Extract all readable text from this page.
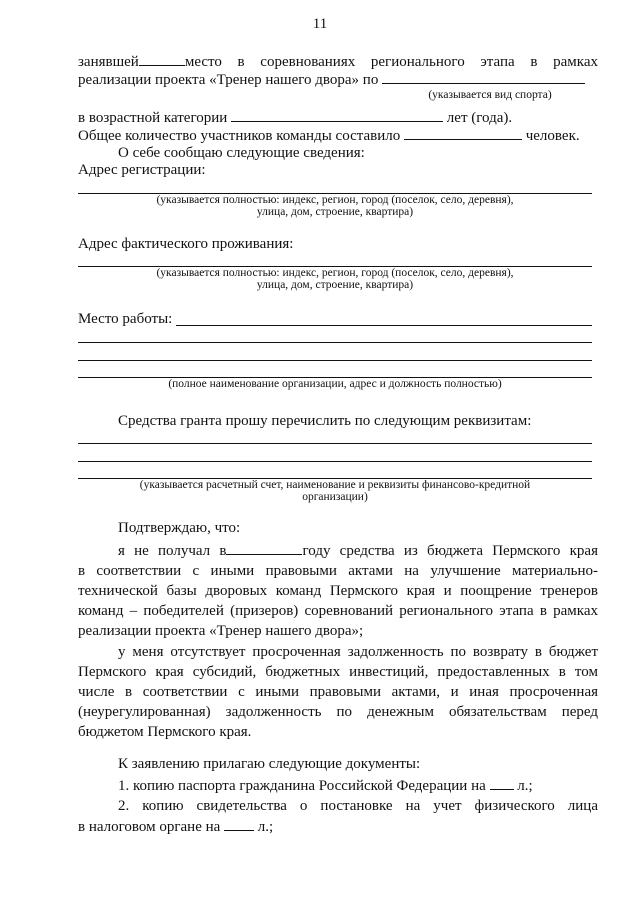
11
занявшей	место в соревнованиях регионального этапа в рамках
реализации проекта «Тренер нашего двора» по
(указывается вид спорта)
в возрастной категории	лет (года).
Общее количество участников команды составило	человек.
О себе сообщаю следующие сведения:
Адрес регистрации:
(указывается полностью: индекс, регион, город (поселок, село, деревня),
улица, дом, строение, квартира)
Адрес фактического проживания:
(указывается полностью: индекс, регион, город (поселок, село, деревня),
улица, дом, строение, квартира)
Место работы:
(полное наименование организации, адрес и должность полностью)
Средства гранта прошу перечислить по следующим реквизитам:
(указывается расчетный счет, наименование и реквизиты финансово-кредитной
организации)
Подтверждаю, что:
я не получал в	году средства из бюджета Пермского края
в соответствии с иными правовыми актами на улучшение материально-
технической базы дворовых команд Пермского края и поощрение тренеров
команд – победителей (призеров) соревнований регионального этапа в рамках
реализации проекта «Тренер нашего двора»;
у меня отсутствует просроченная задолженность по возврату в бюджет
Пермского края субсидий, бюджетных инвестиций, предоставленных в том
числе в соответствии с иными правовыми актами, и иная просроченная
(неурегулированная) задолженность по денежным обязательствам перед
бюджетом Пермского края.
К заявлению прилагаю следующие документы:
1. копию паспорта гражданина Российской Федерации на л.;
2. копию свидетельства о постановке на учет физического лица
в налоговом органе на	л.;
